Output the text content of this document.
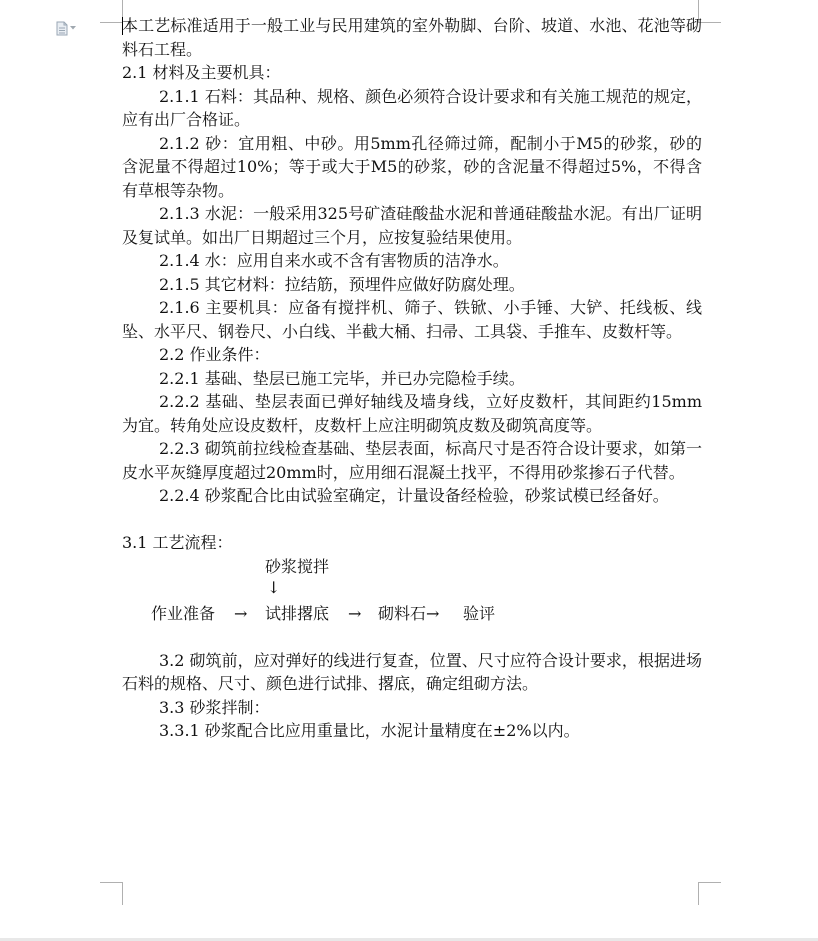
本工艺标准适用于一般工业与民用建筑的室外勒脚、台阶、坡道、水池、花池等砌料石工程。

2.1 材料及主要机具：

2.1.1 石料：其品种、规格、颜色必须符合设计要求和有关施工规范的规定，应有出厂合格证。

2.1.2 砂：宜用粗、中砂。用5mm孔径筛过筛，配制小于M5的砂浆，砂的含泥量不得超过10%；等于或大于M5的砂浆，砂的含泥量不得超过5%，不得含有草根等杂物。

2.1.3 水泥：一般采用325号矿渣硅酸盐水泥和普通硅酸盐水泥。有出厂证明及复试单。如出厂日期超过三个月，应按复验结果使用。

2.1.4 水：应用自来水或不含有害物质的洁净水。

2.1.5 其它材料：拉结筋，预埋件应做好防腐处理。

2.1.6 主要机具：应备有搅拌机、筛子、铁锨、小手锤、大铲、托线板、线坠、水平尺、钢卷尺、小白线、半截大桶、扫帚、工具袋、手推车、皮数杆等。

2.2 作业条件：

2.2.1 基础、垫层已施工完毕，并已办完隐检手续。

2.2.2 基础、垫层表面已弹好轴线及墙身线，立好皮数杆，其间距约15mm为宜。转角处应设皮数杆，皮数杆上应注明砌筑皮数及砌筑高度等。

2.2.3 砌筑前拉线检查基础、垫层表面，标高尺寸是否符合设计要求，如第一皮水平灰缝厚度超过20mm时，应用细石混凝土找平，不得用砂浆掺石子代替。

2.2.4 砂浆配合比由试验室确定，计量设备经检验，砂浆试模已经备好。

3.1 工艺流程：

砂浆搅拌
↓
作业准备 → 试排撂底 → 砌料石→ 验评

3.2 砌筑前，应对弹好的线进行复查，位置、尺寸应符合设计要求，根据进场石料的规格、尺寸、颜色进行试排、撂底，确定组砌方法。

3.3 砂浆拌制：

3.3.1 砂浆配合比应用重量比，水泥计量精度在±2%以内。
